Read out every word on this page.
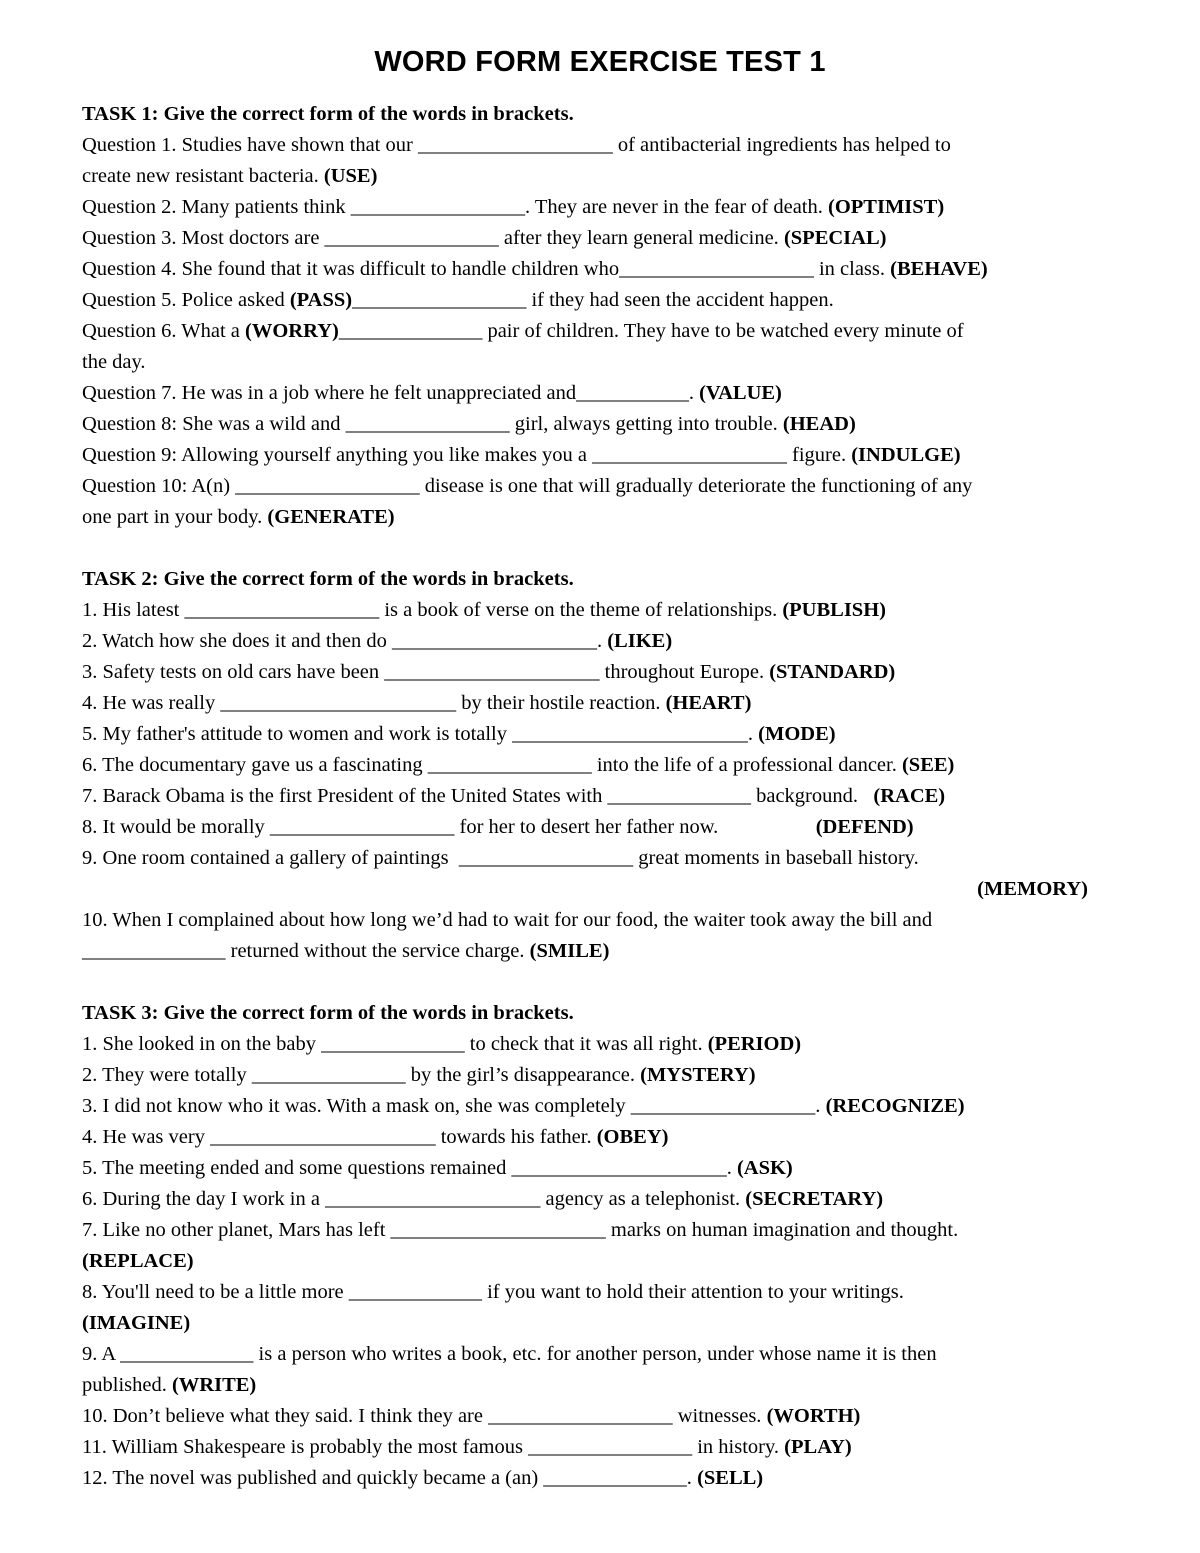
WORD FORM EXERCISE TEST 1
TASK 1: Give the correct form of the words in brackets.
Question 1. Studies have shown that our ___________________ of antibacterial ingredients has helped to
create new resistant bacteria. (USE)
Question 2. Many patients think _________________. They are never in the fear of death. (OPTIMIST)
Question 3. Most doctors are _________________ after they learn general medicine. (SPECIAL)
Question 4. She found that it was difficult to handle children who___________________ in class. (BEHAVE)
Question 5. Police asked (PASS)_________________ if they had seen the accident happen.
Question 6. What a (WORRY)______________ pair of children. They have to be watched every minute of
the day.
Question 7. He was in a job where he felt unappreciated and___________. (VALUE)
Question 8: She was a wild and ________________ girl, always getting into trouble. (HEAD)
Question 9: Allowing yourself anything you like makes you a ___________________ figure. (INDULGE)
Question 10: A(n) __________________ disease is one that will gradually deteriorate the functioning of any
one part in your body. (GENERATE)
TASK 2: Give the correct form of the words in brackets.
1. His latest ___________________ is a book of verse on the theme of relationships. (PUBLISH)
2. Watch how she does it and then do ____________________. (LIKE)
3. Safety tests on old cars have been _____________________ throughout Europe. (STANDARD)
4. He was really _______________________ by their hostile reaction. (HEART)
5. My father's attitude to women and work is totally _______________________. (MODE)
6. The documentary gave us a fascinating ________________ into the life of a professional dancer. (SEE)
7. Barack Obama is the first President of the United States with ______________ background.   (RACE)
8. It would be morally __________________ for her to desert her father now.                   (DEFEND)
9. One room contained a gallery of paintings  _________________ great moments in baseball history.
(MEMORY)
10. When I complained about how long we’d had to wait for our food, the waiter took away the bill and
______________ returned without the service charge. (SMILE)
TASK 3: Give the correct form of the words in brackets.
1. She looked in on the baby ______________ to check that it was all right. (PERIOD)
2. They were totally _______________ by the girl’s disappearance. (MYSTERY)
3. I did not know who it was. With a mask on, she was completely __________________. (RECOGNIZE)
4. He was very ______________________ towards his father. (OBEY)
5. The meeting ended and some questions remained _____________________. (ASK)
6. During the day I work in a _____________________ agency as a telephonist. (SECRETARY)
7. Like no other planet, Mars has left _____________________ marks on human imagination and thought.
(REPLACE)
8. You'll need to be a little more _____________ if you want to hold their attention to your writings.
(IMAGINE)
9. A _____________ is a person who writes a book, etc. for another person, under whose name it is then
published. (WRITE)
10. Don’t believe what they said. I think they are __________________ witnesses. (WORTH)
11. William Shakespeare is probably the most famous ________________ in history. (PLAY)
12. The novel was published and quickly became a (an) ______________. (SELL)
